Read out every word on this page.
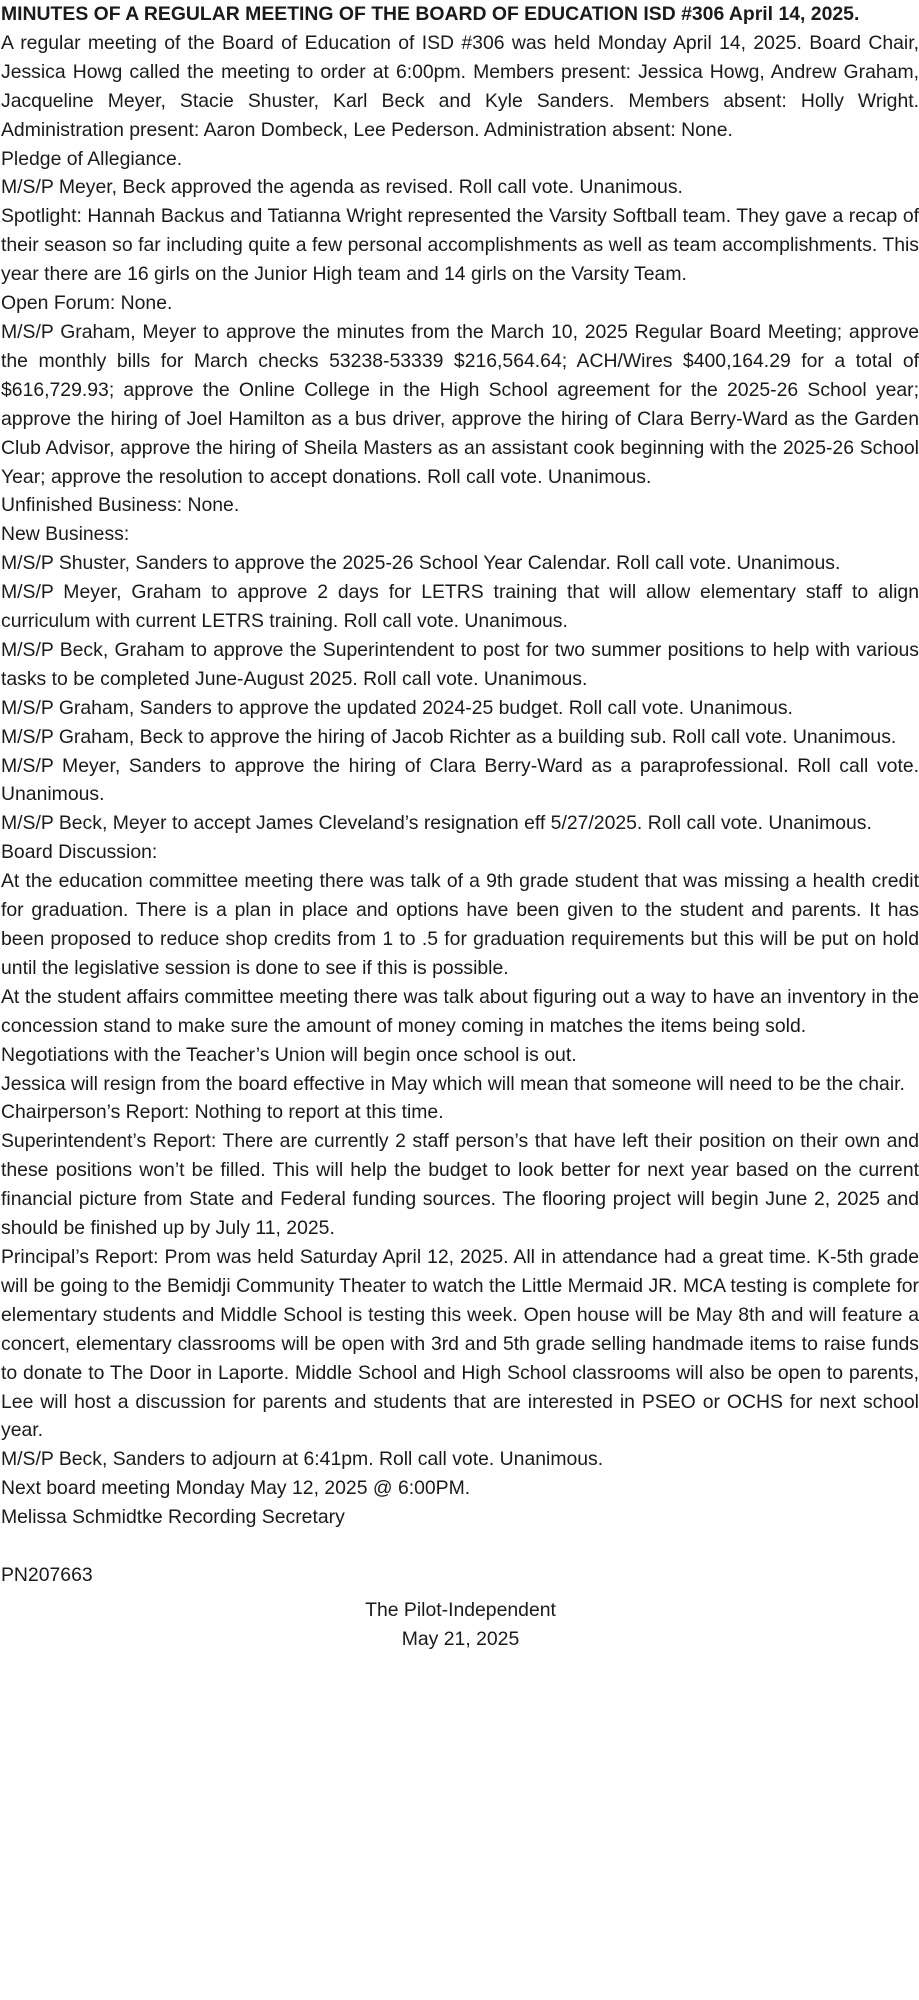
MINUTES OF A REGULAR MEETING OF THE BOARD OF EDUCATION ISD #306 April 14, 2025.

A regular meeting of the Board of Education of ISD #306 was held Monday April 14, 2025. Board Chair, Jessica Howg called the meeting to order at 6:00pm. Members present: Jessica Howg, Andrew Graham, Jacqueline Meyer, Stacie Shuster, Karl Beck and Kyle Sanders. Members absent: Holly Wright. Administration present: Aaron Dombeck, Lee Pederson. Administration absent: None.

Pledge of Allegiance.

M/S/P Meyer, Beck approved the agenda as revised. Roll call vote. Unanimous.

Spotlight: Hannah Backus and Tatianna Wright represented the Varsity Softball team. They gave a recap of their season so far including quite a few personal accomplishments as well as team accomplishments. This year there are 16 girls on the Junior High team and 14 girls on the Varsity Team.

Open Forum: None.

M/S/P Graham, Meyer to approve the minutes from the March 10, 2025 Regular Board Meeting; approve the monthly bills for March checks 53238-53339 $216,564.64; ACH/Wires $400,164.29 for a total of $616,729.93; approve the Online College in the High School agreement for the 2025-26 School year; approve the hiring of Joel Hamilton as a bus driver, approve the hiring of Clara Berry-Ward as the Garden Club Advisor, approve the hiring of Sheila Masters as an assistant cook beginning with the 2025-26 School Year; approve the resolution to accept donations. Roll call vote. Unanimous.

Unfinished Business: None.

New Business:

M/S/P Shuster, Sanders to approve the 2025-26 School Year Calendar. Roll call vote. Unanimous.

M/S/P Meyer, Graham to approve 2 days for LETRS training that will allow elementary staff to align curriculum with current LETRS training. Roll call vote. Unanimous.

M/S/P Beck, Graham to approve the Superintendent to post for two summer positions to help with various tasks to be completed June-August 2025. Roll call vote. Unanimous.

M/S/P Graham, Sanders to approve the updated 2024-25 budget. Roll call vote. Unanimous.

M/S/P Graham, Beck to approve the hiring of Jacob Richter as a building sub. Roll call vote. Unanimous.

M/S/P Meyer, Sanders to approve the hiring of Clara Berry-Ward as a paraprofessional. Roll call vote. Unanimous.

M/S/P Beck, Meyer to accept James Cleveland’s resignation eff 5/27/2025. Roll call vote. Unanimous.

Board Discussion:

At the education committee meeting there was talk of a 9th grade student that was missing a health credit for graduation. There is a plan in place and options have been given to the student and parents. It has been proposed to reduce shop credits from 1 to .5 for graduation requirements but this will be put on hold until the legislative session is done to see if this is possible.

At the student affairs committee meeting there was talk about figuring out a way to have an inventory in the concession stand to make sure the amount of money coming in matches the items being sold.

Negotiations with the Teacher’s Union will begin once school is out.

Jessica will resign from the board effective in May which will mean that someone will need to be the chair.

Chairperson’s Report: Nothing to report at this time.

Superintendent’s Report: There are currently 2 staff person’s that have left their position on their own and these positions won’t be filled. This will help the budget to look better for next year based on the current financial picture from State and Federal funding sources. The flooring project will begin June 2, 2025 and should be finished up by July 11, 2025.

Principal’s Report: Prom was held Saturday April 12, 2025. All in attendance had a great time. K-5th grade will be going to the Bemidji Community Theater to watch the Little Mermaid JR. MCA testing is complete for elementary students and Middle School is testing this week. Open house will be May 8th and will feature a concert, elementary classrooms will be open with 3rd and 5th grade selling handmade items to raise funds to donate to The Door in Laporte. Middle School and High School classrooms will also be open to parents, Lee will host a discussion for parents and students that are interested in PSEO or OCHS for next school year.

M/S/P Beck, Sanders to adjourn at 6:41pm. Roll call vote. Unanimous.

Next board meeting Monday May 12, 2025 @ 6:00PM.

Melissa Schmidtke Recording Secretary

PN207663

The Pilot-Independent

May 21, 2025
